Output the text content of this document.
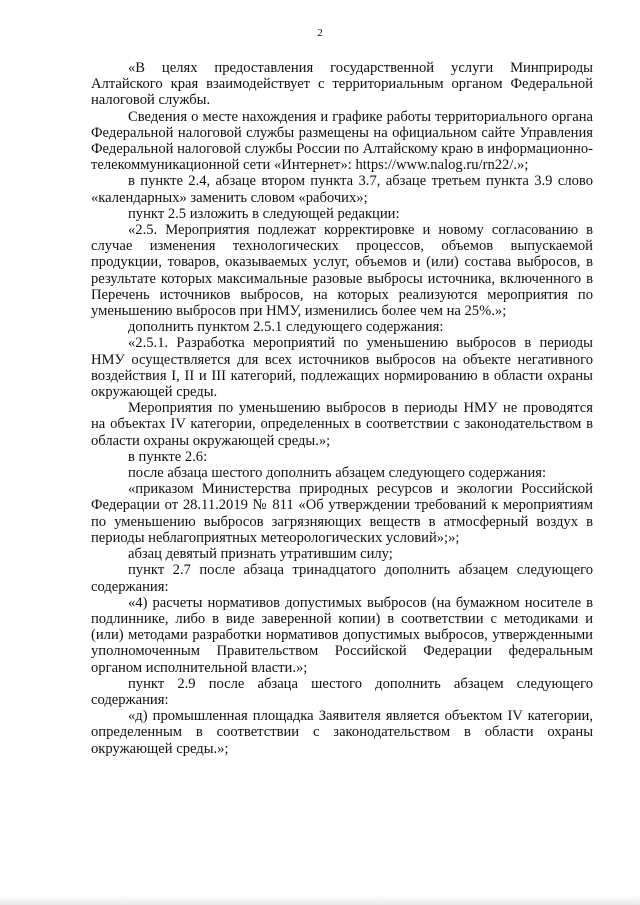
2

«В целях предоставления государственной услуги Минприроды Алтайского края взаимодействует с территориальным органом Федеральной налоговой службы.

Сведения о месте нахождения и графике работы территориального органа Федеральной налоговой службы размещены на официальном сайте Управления Федеральной налоговой службы России по Алтайскому краю в информационно-телекоммуникационной сети «Интернет»: https://www.nalog.ru/rn22/.»;

в пункте 2.4, абзаце втором пункта 3.7, абзаце третьем пункта 3.9 слово «календарных» заменить словом «рабочих»;

пункт 2.5 изложить в следующей редакции:

«2.5. Мероприятия подлежат корректировке и новому согласованию в случае изменения технологических процессов, объемов выпускаемой продукции, товаров, оказываемых услуг, объемов и (или) состава выбросов, в результате которых максимальные разовые выбросы источника, включенного в Перечень источников выбросов, на которых реализуются мероприятия по уменьшению выбросов при НМУ, изменились более чем на 25%.»;

дополнить пунктом 2.5.1 следующего содержания:

«2.5.1. Разработка мероприятий по уменьшению выбросов в периоды НМУ осуществляется для всех источников выбросов на объекте негативного воздействия I, II и III категорий, подлежащих нормированию в области охраны окружающей среды.

Мероприятия по уменьшению выбросов в периоды НМУ не проводятся на объектах IV категории, определенных в соответствии с законодательством в области охраны окружающей среды.»;

в пункте 2.6:

после абзаца шестого дополнить абзацем следующего содержания:

«приказом Министерства природных ресурсов и экологии Российской Федерации от 28.11.2019 № 811 «Об утверждении требований к мероприятиям по уменьшению выбросов загрязняющих веществ в атмосферный воздух в периоды неблагоприятных метеорологических условий»;»;

абзац девятый признать утратившим силу;

пункт 2.7 после абзаца тринадцатого дополнить абзацем следующего содержания:

«4) расчеты нормативов допустимых выбросов (на бумажном носителе в подлиннике, либо в виде заверенной копии) в соответствии с методиками и (или) методами разработки нормативов допустимых выбросов, утвержденными уполномоченным Правительством Российской Федерации федеральным органом исполнительной власти.»;

пункт 2.9 после абзаца шестого дополнить абзацем следующего содержания:

«д) промышленная площадка Заявителя является объектом IV категории, определенным в соответствии с законодательством в области охраны окружающей среды.»;
